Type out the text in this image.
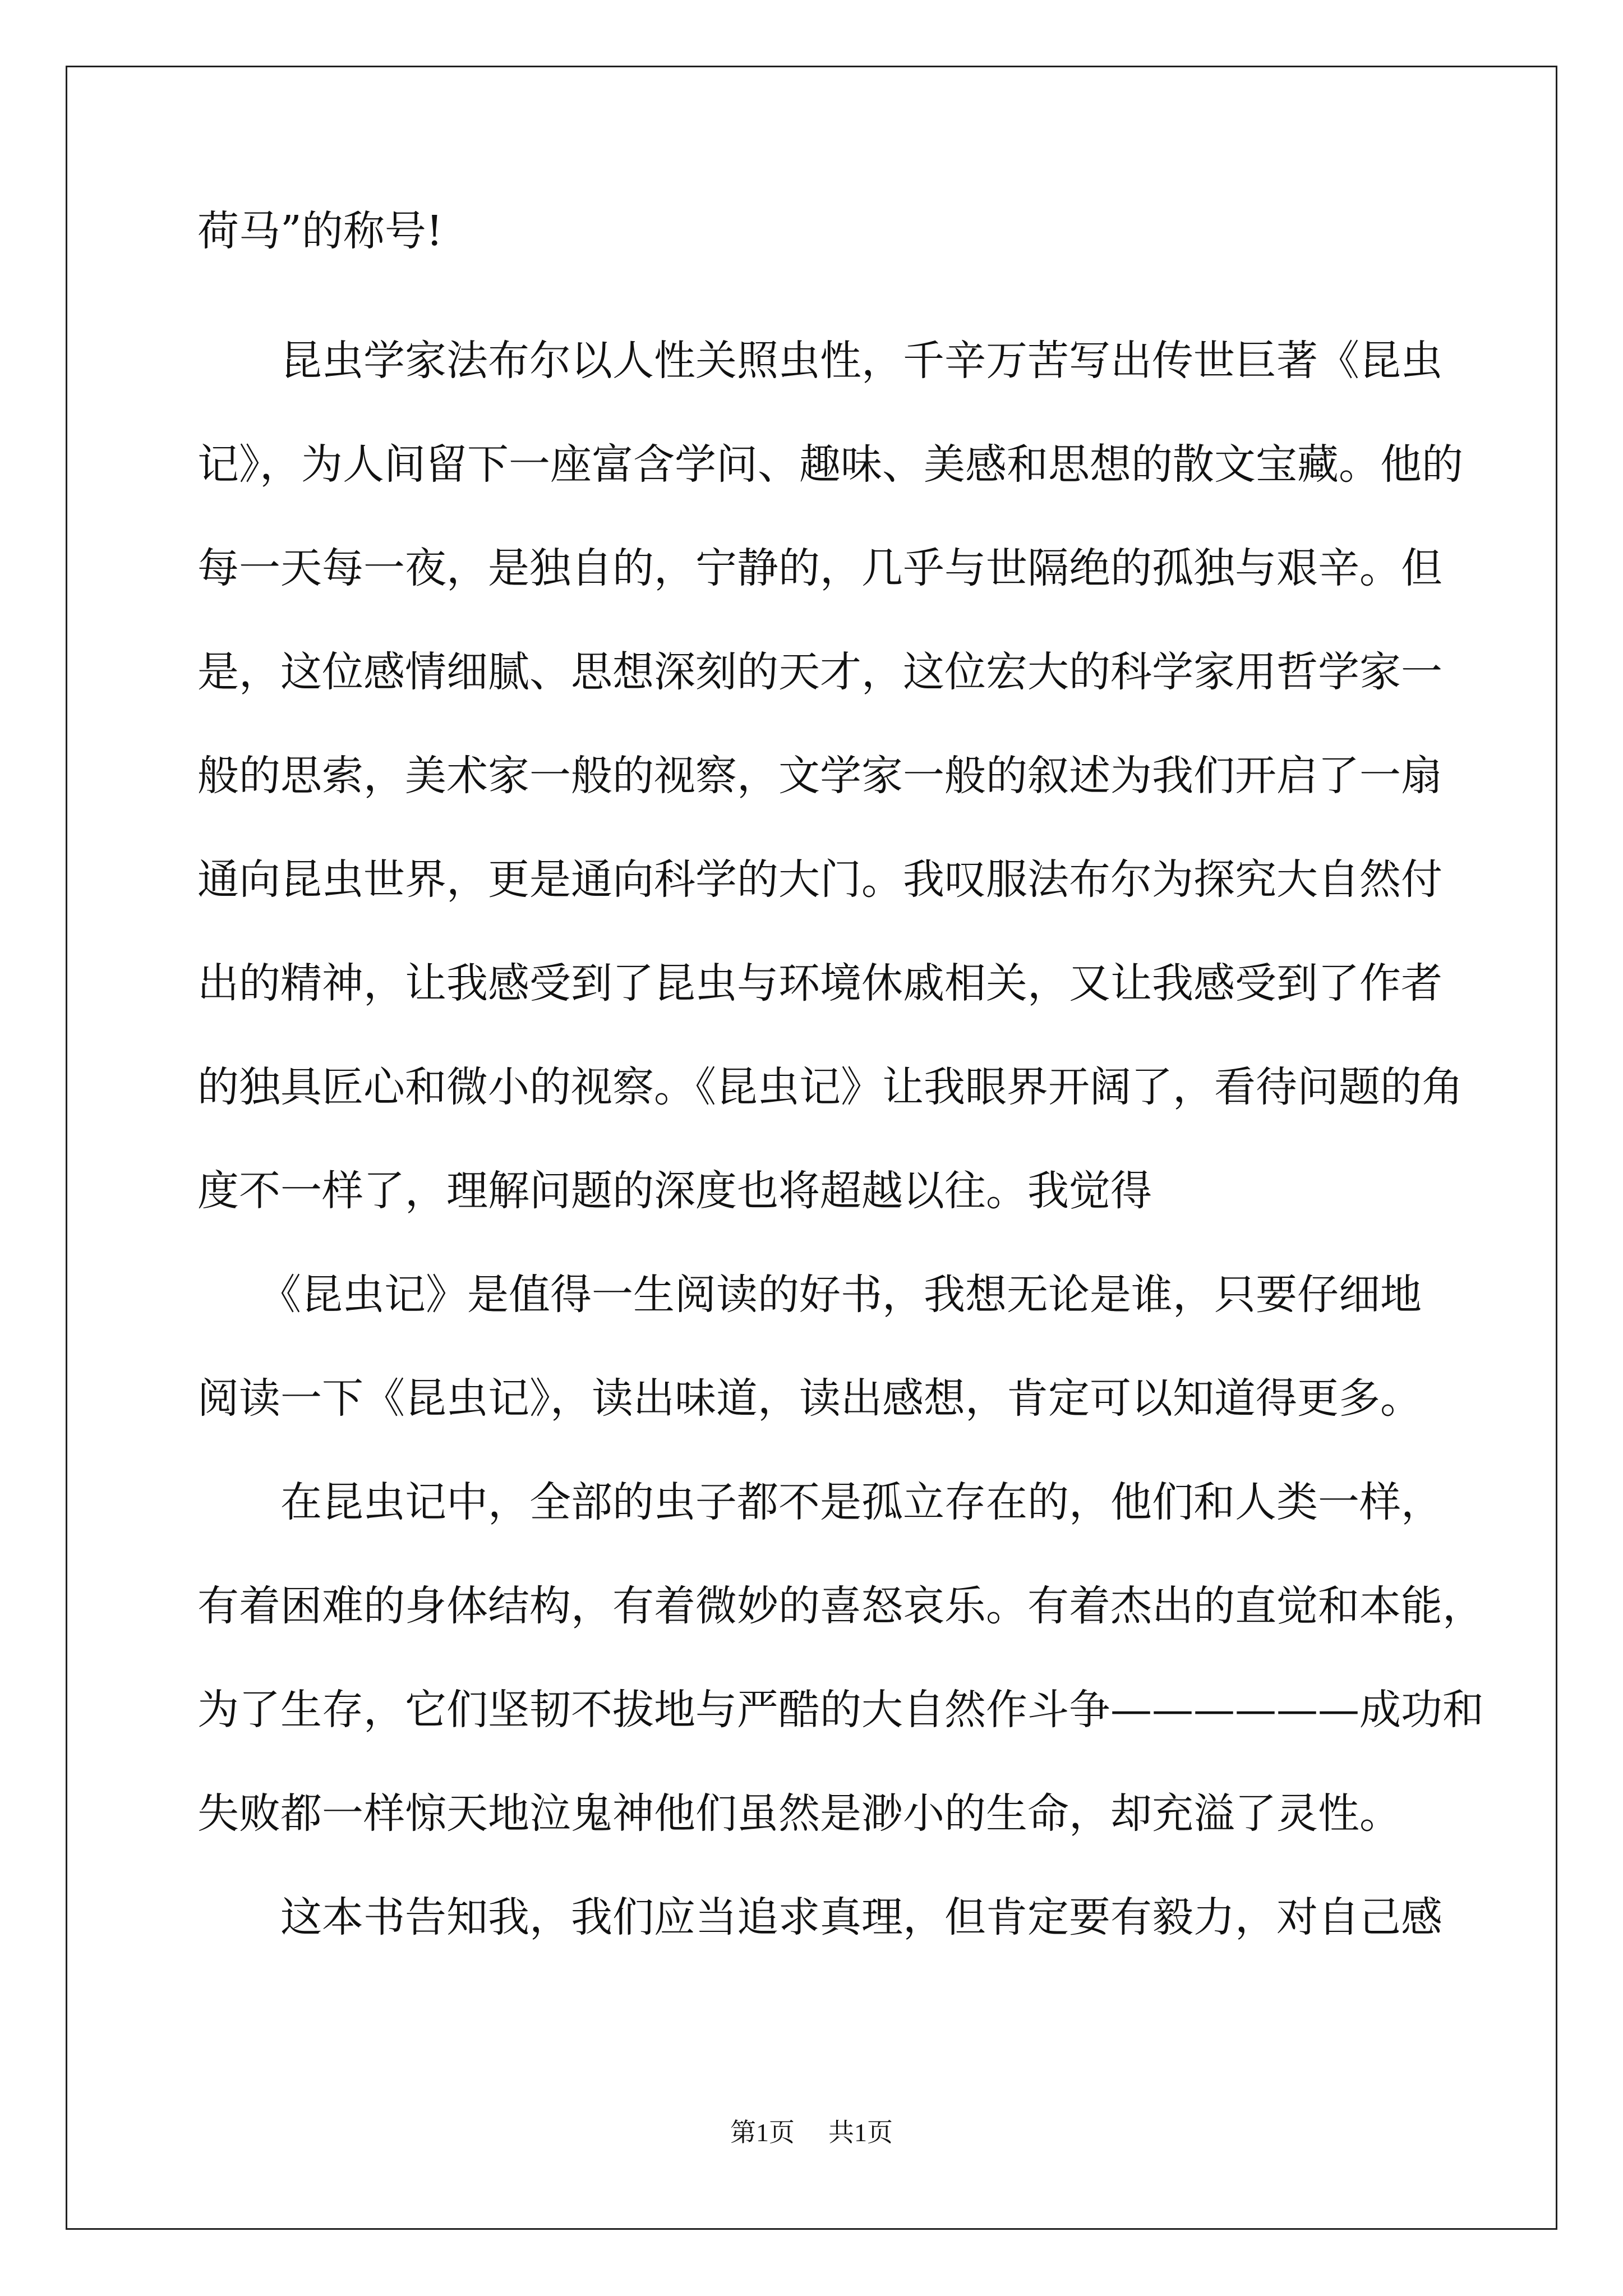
荷马”的称号!

　　昆虫学家法布尔以人性关照虫性，千辛万苦写出传世巨著《昆虫

记》，为人间留下一座富含学问、趣味、美感和思想的散文宝藏。他的

每一天每一夜，是独自的，宁静的，几乎与世隔绝的孤独与艰辛。但

是，这位感情细腻、思想深刻的天才，这位宏大的科学家用哲学家一

般的思索，美术家一般的视察，文学家一般的叙述为我们开启了一扇

通向昆虫世界，更是通向科学的大门。我叹服法布尔为探究大自然付

出的精神，让我感受到了昆虫与环境休戚相关，又让我感受到了作者

的独具匠心和微小的视察。《昆虫记》让我眼界开阔了，看待问题的角

度不一样了，理解问题的深度也将超越以往。我觉得

　　《昆虫记》是值得一生阅读的好书，我想无论是谁，只要仔细地

阅读一下《昆虫记》，读出味道，读出感想，肯定可以知道得更多。

　　在昆虫记中，全部的虫子都不是孤立存在的，他们和人类一样，

有着困难的身体结构，有着微妙的喜怒哀乐。有着杰出的直觉和本能，

为了生存，它们坚韧不拔地与严酷的大自然作斗争——————成功和

失败都一样惊天地泣鬼神他们虽然是渺小的生命，却充溢了灵性。

　　这本书告知我，我们应当追求真理，但肯定要有毅力，对自己感

第1页 共1页
